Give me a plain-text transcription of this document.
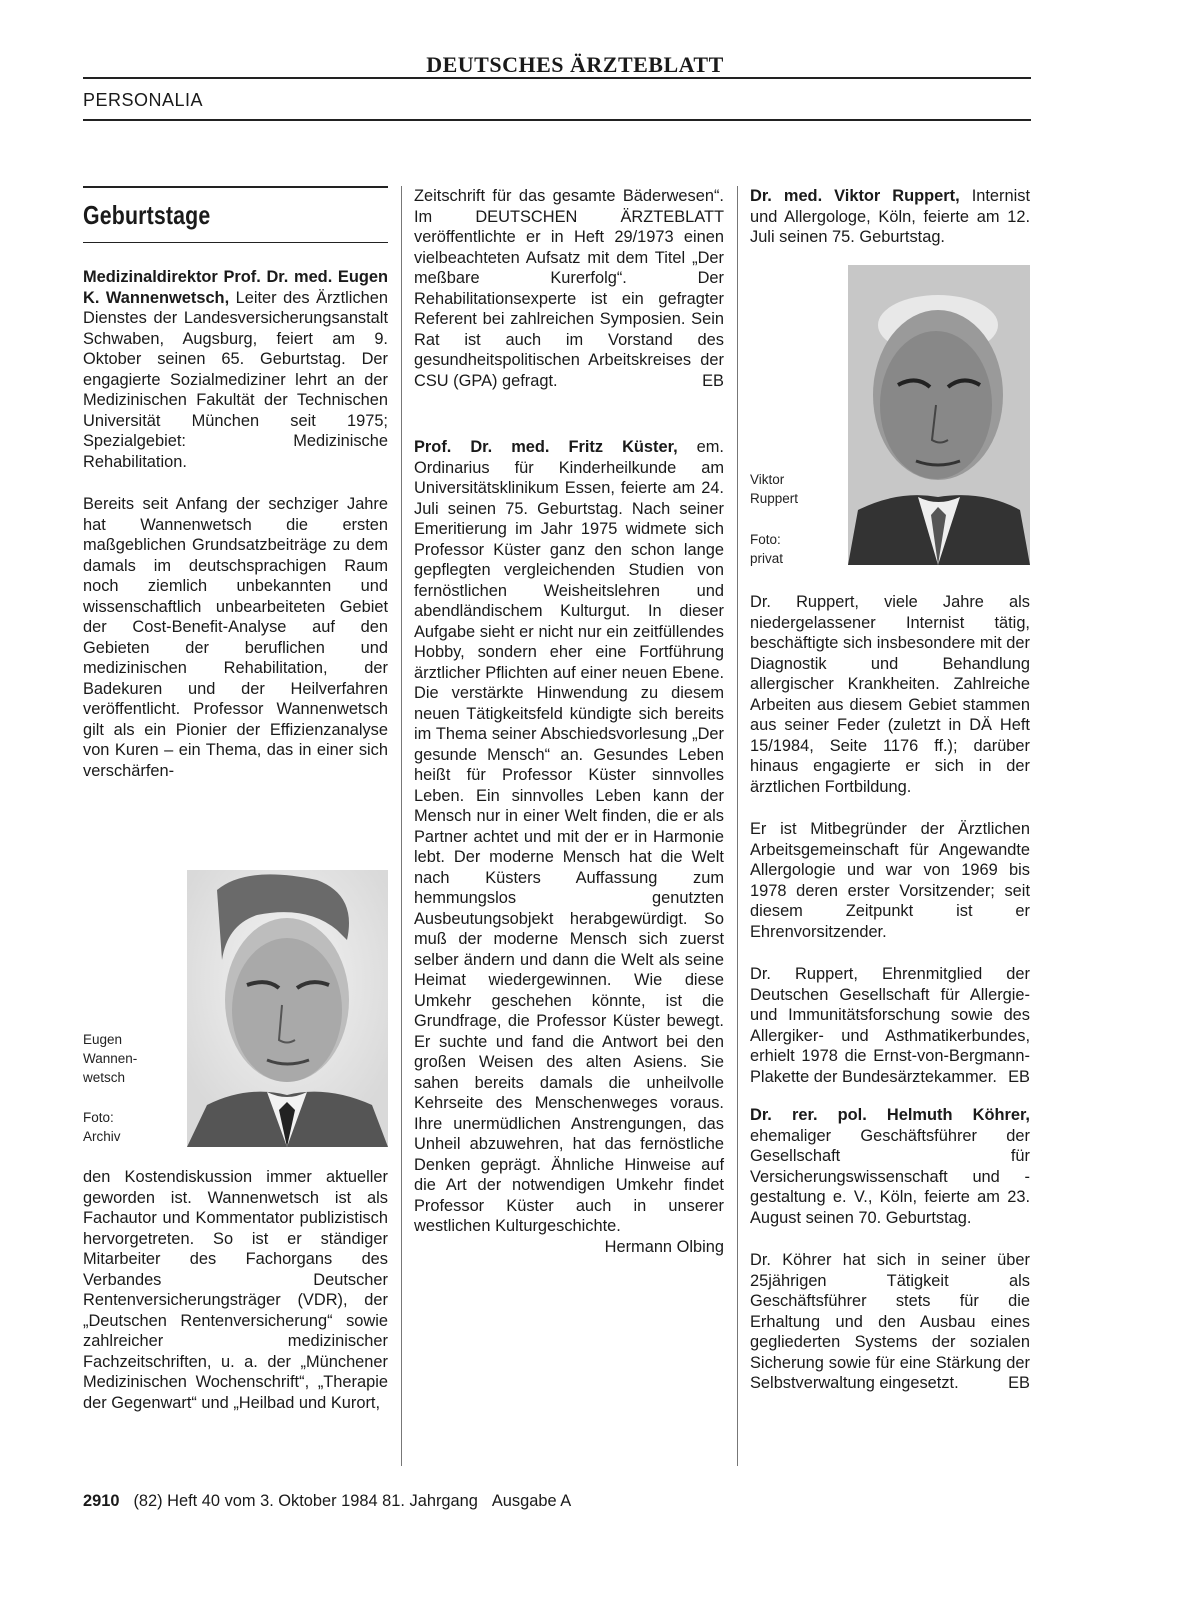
DEUTSCHES ÄRZTEBLATT
PERSONALIA
Geburtstage

Medizinaldirektor Prof. Dr. med. Eugen K. Wannenwetsch, Leiter des Ärztlichen Dienstes der Landesversicherungsanstalt Schwaben, Augsburg, feiert am 9. Oktober seinen 65. Geburtstag. Der engagierte Sozialmediziner lehrt an der Medizinischen Fakultät der Technischen Universität München seit 1975; Spezialgebiet: Medizinische Rehabilitation.

Bereits seit Anfang der sechziger Jahre hat Wannenwetsch die ersten maßgeblichen Grundsatzbeiträge zu dem damals im deutschsprachigen Raum noch ziemlich unbekannten und wissenschaftlich unbearbeiteten Gebiet der Cost-Benefit-Analyse auf den Gebieten der beruflichen und medizinischen Rehabilitation, der Badekuren und der Heilverfahren veröffentlicht. Professor Wannenwetsch gilt als ein Pionier der Effizienzanalyse von Kuren – ein Thema, das in einer sich verschärfen-

Eugen Wannen-wetsch
Foto: Archiv

den Kostendiskussion immer aktueller geworden ist. Wannenwetsch ist als Fachautor und Kommentator publizistisch hervorgetreten. So ist er ständiger Mitarbeiter des Fachorgans des Verbandes Deutscher Rentenversicherungsträger (VDR), der „Deutschen Rentenversicherung“ sowie zahlreicher medizinischer Fachzeitschriften, u. a. der „Münchener Medizinischen Wochenschrift“, „Therapie der Gegenwart“ und „Heilbad und Kurort,

Zeitschrift für das gesamte Bäderwesen“. Im DEUTSCHEN ÄRZTEBLATT veröffentlichte er in Heft 29/1973 einen vielbeachteten Aufsatz mit dem Titel „Der meßbare Kurerfolg“. Der Rehabilitationsexperte ist ein gefragter Referent bei zahlreichen Symposien. Sein Rat ist auch im Vorstand des gesundheitspolitischen Arbeitskreises der CSU (GPA) gefragt.	EB

Prof. Dr. med. Fritz Küster, em. Ordinarius für Kinderheilkunde am Universitätsklinikum Essen, feierte am 24. Juli seinen 75. Geburtstag. Nach seiner Emeritierung im Jahr 1975 widmete sich Professor Küster ganz den schon lange gepflegten vergleichenden Studien von fernöstlichen Weisheitslehren und abendländischem Kulturgut. In dieser Aufgabe sieht er nicht nur ein zeitfüllendes Hobby, sondern eher eine Fortführung ärztlicher Pflichten auf einer neuen Ebene. Die verstärkte Hinwendung zu diesem neuen Tätigkeitsfeld kündigte sich bereits im Thema seiner Abschiedsvorlesung „Der gesunde Mensch“ an. Gesundes Leben heißt für Professor Küster sinnvolles Leben. Ein sinnvolles Leben kann der Mensch nur in einer Welt finden, die er als Partner achtet und mit der er in Harmonie lebt. Der moderne Mensch hat die Welt nach Küsters Auffassung zum hemmungslos genutzten Ausbeutungsobjekt herabgewürdigt. So muß der moderne Mensch sich zuerst selber ändern und dann die Welt als seine Heimat wiedergewinnen. Wie diese Umkehr geschehen könnte, ist die Grundfrage, die Professor Küster bewegt. Er suchte und fand die Antwort bei den großen Weisen des alten Asiens. Sie sahen bereits damals die unheilvolle Kehrseite des Menschenweges voraus. Ihre unermüdlichen Anstrengungen, das Unheil abzuwehren, hat das fernöstliche Denken geprägt. Ähnliche Hinweise auf die Art der notwendigen Umkehr findet Professor Küster auch in unserer westlichen Kulturgeschichte.
Hermann Olbing

Dr. med. Viktor Ruppert, Internist und Allergologe, Köln, feierte am 12. Juli seinen 75. Geburtstag.

Viktor Ruppert
Foto: privat

Dr. Ruppert, viele Jahre als niedergelassener Internist tätig, beschäftigte sich insbesondere mit der Diagnostik und Behandlung allergischer Krankheiten. Zahlreiche Arbeiten aus diesem Gebiet stammen aus seiner Feder (zuletzt in DÄ Heft 15/1984, Seite 1176 ff.); darüber hinaus engagierte er sich in der ärztlichen Fortbildung.

Er ist Mitbegründer der Ärztlichen Arbeitsgemeinschaft für Angewandte Allergologie und war von 1969 bis 1978 deren erster Vorsitzender; seit diesem Zeitpunkt ist er Ehrenvorsitzender.

Dr. Ruppert, Ehrenmitglied der Deutschen Gesellschaft für Allergie- und Immunitätsforschung sowie des Allergiker- und Asthmatikerbundes, erhielt 1978 die Ernst-von-Bergmann-Plakette der Bundesärztekammer. EB

Dr. rer. pol. Helmuth Köhrer, ehemaliger Geschäftsführer der Gesellschaft für Versicherungswissenschaft und -gestaltung e. V., Köln, feierte am 23. August seinen 70. Geburtstag.

Dr. Köhrer hat sich in seiner über 25jährigen Tätigkeit als Geschäftsführer stets für die Erhaltung und den Ausbau eines gegliederten Systems der sozialen Sicherung sowie für eine Stärkung der Selbstverwaltung eingesetzt.	EB

2910 (82) Heft 40 vom 3. Oktober 1984 81. Jahrgang Ausgabe A
